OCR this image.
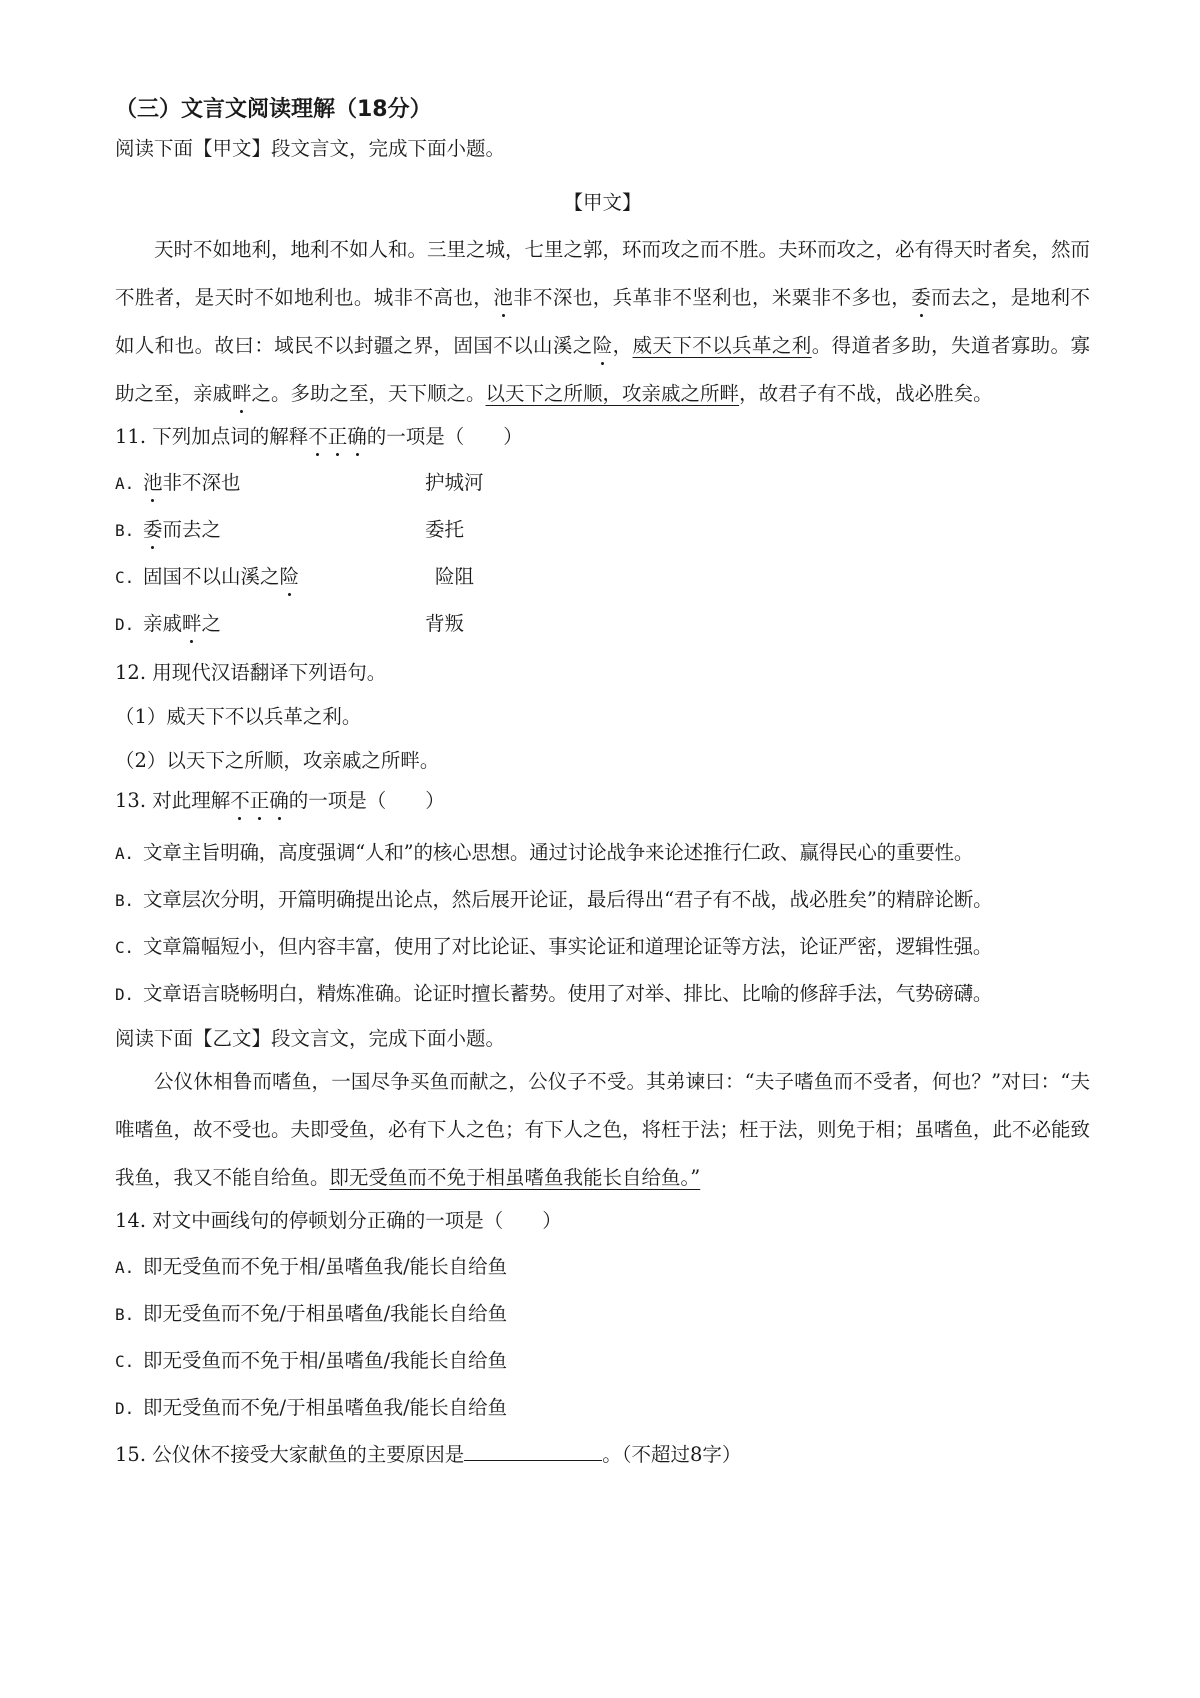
（三）文言文阅读理解（18分）

阅读下面【甲文】段文言文，完成下面小题。

【甲文】

天时不如地利，地利不如人和。三里之城，七里之郭，环而攻之而不胜。夫环而攻之，必有得天时者矣，然而不胜者，是天时不如地利也。城非不高也，池非不深也，兵革非不坚利也，米粟非不多也，委而去之，是地利不如人和也。故曰：域民不以封疆之界，固国不以山溪之险，威天下不以兵革之利。得道者多助，失道者寡助。寡助之至，亲戚畔之。多助之至，天下顺之。以天下之所顺，攻亲戚之所畔，故君子有不战，战必胜矣。

11. 下列加点词的解释不正确的一项是（　　）

A. 池非不深也	护城河

B. 委而去之	委托

C. 固国不以山溪之险	险阻

D. 亲戚畔之	背叛

12. 用现代汉语翻译下列语句。

（1）威天下不以兵革之利。

（2）以天下之所顺，攻亲戚之所畔。

13. 对此理解不正确的一项是（　　）

A. 文章主旨明确，高度强调“人和”的核心思想。通过讨论战争来论述推行仁政、赢得民心的重要性。

B. 文章层次分明，开篇明确提出论点，然后展开论证，最后得出“君子有不战，战必胜矣”的精辟论断。

C. 文章篇幅短小，但内容丰富，使用了对比论证、事实论证和道理论证等方法，论证严密，逻辑性强。

D. 文章语言晓畅明白，精炼准确。论证时擅长蓄势。使用了对举、排比、比喻的修辞手法，气势磅礴。

阅读下面【乙文】段文言文，完成下面小题。

公仪休相鲁而嗜鱼，一国尽争买鱼而献之，公仪子不受。其弟谏曰：“夫子嗜鱼而不受者，何也？”对曰：“夫唯嗜鱼，故不受也。夫即受鱼，必有下人之色；有下人之色，将枉于法；枉于法，则免于相；虽嗜鱼，此不必能致我鱼，我又不能自给鱼。即无受鱼而不免于相虽嗜鱼我能长自给鱼。”

14. 对文中画线句的停顿划分正确的一项是（　　）

A. 即无受鱼而不免于相/虽嗜鱼我/能长自给鱼

B. 即无受鱼而不免/于相虽嗜鱼/我能长自给鱼

C. 即无受鱼而不免于相/虽嗜鱼/我能长自给鱼

D. 即无受鱼而不免/于相虽嗜鱼我/能长自给鱼

15. 公仪休不接受大家献鱼的主要原因是	。（不超过8字）
